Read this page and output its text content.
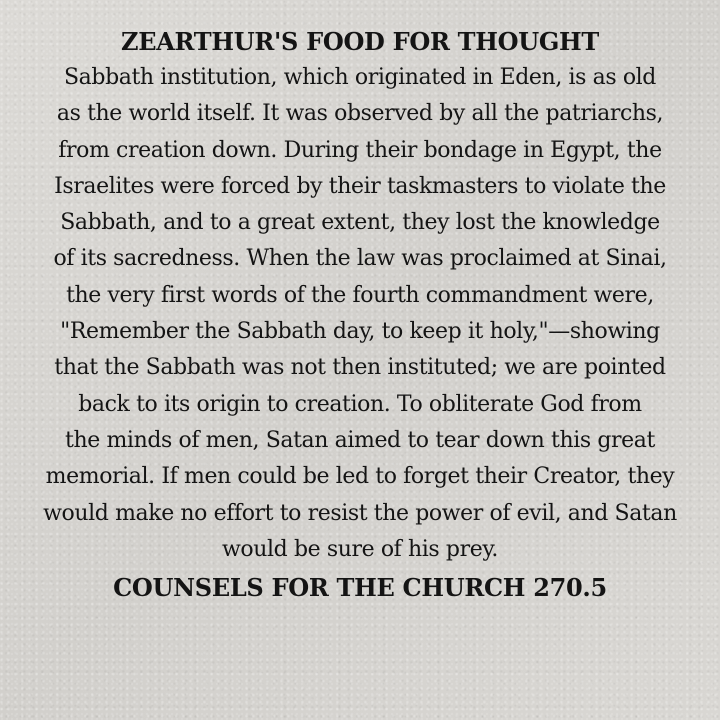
ZEARTHUR'S FOOD FOR THOUGHT

Sabbath institution, which originated in Eden, is as old
as the world itself. It was observed by all the patriarchs,
from creation down. During their bondage in Egypt, the
Israelites were forced by their taskmasters to violate the
Sabbath, and to a great extent, they lost the knowledge
of its sacredness. When the law was proclaimed at Sinai,
the very first words of the fourth commandment were,
"Remember the Sabbath day, to keep it holy,"—showing
that the Sabbath was not then instituted; we are pointed
back to its origin to creation. To obliterate God from
the minds of men, Satan aimed to tear down this great
memorial. If men could be led to forget their Creator, they
would make no effort to resist the power of evil, and Satan
would be sure of his prey.

COUNSELS FOR THE CHURCH 270.5
